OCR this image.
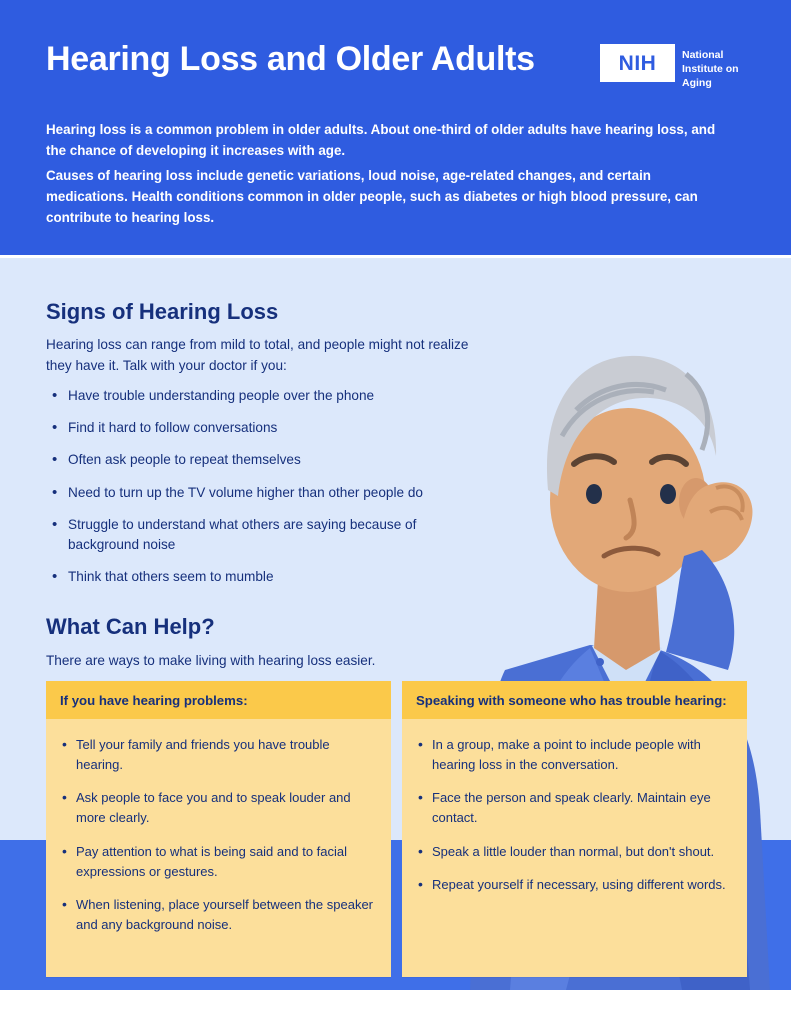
Hearing Loss and Older Adults	NIH National Institute on Aging
Hearing loss is a common problem in older adults. About one-third of older adults have hearing loss, and the chance of developing it increases with age.
Causes of hearing loss include genetic variations, loud noise, age-related changes, and certain medications. Health conditions common in older people, such as diabetes or high blood pressure, can contribute to hearing loss.
Signs of Hearing Loss
Hearing loss can range from mild to total, and people might not realize they have it. Talk with your doctor if you:
• Have trouble understanding people over the phone
• Find it hard to follow conversations
• Often ask people to repeat themselves
• Need to turn up the TV volume higher than other people do
• Struggle to understand what others are saying because of background noise
• Think that others seem to mumble
What Can Help?
There are ways to make living with hearing loss easier.
If you have hearing problems:
• Tell your family and friends you have trouble hearing.
• Ask people to face you and to speak louder and more clearly.
• Pay attention to what is being said and to facial expressions or gestures.
• When listening, place yourself between the speaker and any background noise.
Speaking with someone who has trouble hearing:
• In a group, make a point to include people with hearing loss in the conversation.
• Face the person and speak clearly. Maintain eye contact.
• Speak a little louder than normal, but don't shout.
• Repeat yourself if necessary, using different words.
